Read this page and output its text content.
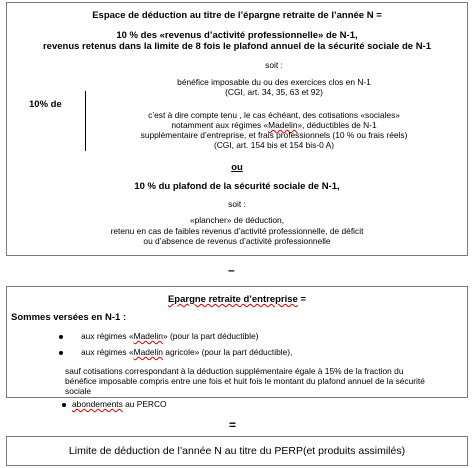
Espace de déduction au titre de l’épargne retraite de l’année N =
10 % des «revenus d’activité professionnelle» de N-1,
revenus retenus dans la limite de 8 fois le plafond annuel de la sécurité sociale de N-1
soit :
bénéfice imposable du ou des exercices clos en N-1
(CGI, art. 34, 35, 63 et 92)
10% de
c’est à dire compte tenu , le cas échéant, des cotisations «sociales»
notamment aux régimes «Madelin», déductibles de N-1
supplémentaire d’entreprise, et frais professionnels (10 % ou frais réels)
(CGI, art. 154 bis et 154 bis-0 A)
ou
10 % du plafond de la sécurité sociale de N-1,
soit :
«plancher» de déduction,
retenu en cas de faibles revenus d’activité professionnelle, de déficit
ou d’absence de revenus d’activité professionnelle
–
Epargne retraite d’entreprise =
Sommes versées en N-1 :
aux régimes «Madelin» (pour la part déductible)
aux régimes «Madelin agricole» (pour la part déductible),
sauf cotisations correspondant à la déduction supplémentaire égale à 15% de la fraction du
bénéfice imposable compris entre une fois et huit fois le montant du plafond annuel de la sécurité
sociale
abondements au PERCO
=
Limite de déduction de l’année N au titre du PERP(et produits assimilés)
